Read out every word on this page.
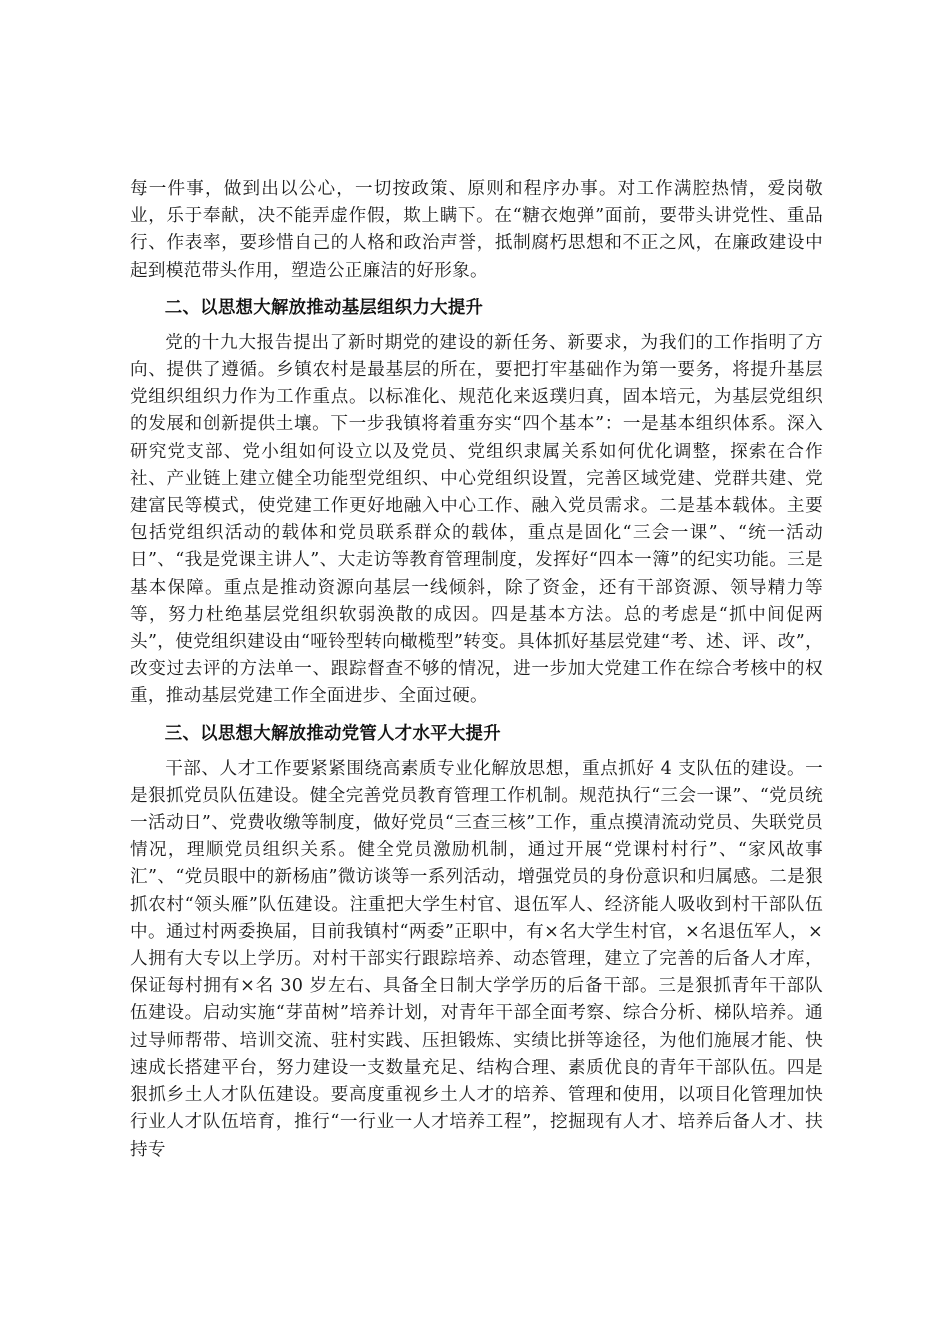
每一件事，做到出以公心，一切按政策、原则和程序办事。对工作满腔热情，爱岗敬业，乐于奉献，决不能弄虚作假，欺上瞒下。在“糖衣炮弹”面前，要带头讲党性、重品行、作表率，要珍惜自己的人格和政治声誉，抵制腐朽思想和不正之风，在廉政建设中起到模范带头作用，塑造公正廉洁的好形象。

二、以思想大解放推动基层组织力大提升

党的十九大报告提出了新时期党的建设的新任务、新要求，为我们的工作指明了方向、提供了遵循。乡镇农村是最基层的所在，要把打牢基础作为第一要务，将提升基层党组织组织力作为工作重点。以标准化、规范化来返璞归真，固本培元，为基层党组织的发展和创新提供土壤。下一步我镇将着重夯实“四个基本”：一是基本组织体系。深入研究党支部、党小组如何设立以及党员、党组织隶属关系如何优化调整，探索在合作社、产业链上建立健全功能型党组织、中心党组织设置，完善区域党建、党群共建、党建富民等模式，使党建工作更好地融入中心工作、融入党员需求。二是基本载体。主要包括党组织活动的载体和党员联系群众的载体，重点是固化“三会一课”、“统一活动日”、“我是党课主讲人”、大走访等教育管理制度，发挥好“四本一簿”的纪实功能。三是基本保障。重点是推动资源向基层一线倾斜，除了资金，还有干部资源、领导精力等等，努力杜绝基层党组织软弱涣散的成因。四是基本方法。总的考虑是“抓中间促两头”，使党组织建设由“哑铃型转向橄榄型”转变。具体抓好基层党建“考、述、评、改”，改变过去评的方法单一、跟踪督查不够的情况，进一步加大党建工作在综合考核中的权重，推动基层党建工作全面进步、全面过硬。

三、以思想大解放推动党管人才水平大提升

干部、人才工作要紧紧围绕高素质专业化解放思想，重点抓好 4 支队伍的建设。一是狠抓党员队伍建设。健全完善党员教育管理工作机制。规范执行“三会一课”、“党员统一活动日”、党费收缴等制度，做好党员“三查三核”工作，重点摸清流动党员、失联党员情况，理顺党员组织关系。健全党员激励机制，通过开展“党课村村行”、“家风故事汇”、“党员眼中的新杨庙”微访谈等一系列活动，增强党员的身份意识和归属感。二是狠抓农村“领头雁”队伍建设。注重把大学生村官、退伍军人、经济能人吸收到村干部队伍中。通过村两委换届，目前我镇村“两委”正职中，有×名大学生村官，×名退伍军人，×人拥有大专以上学历。对村干部实行跟踪培养、动态管理，建立了完善的后备人才库，保证每村拥有×名 30 岁左右、具备全日制大学学历的后备干部。三是狠抓青年干部队伍建设。启动实施“芽苗树”培养计划，对青年干部全面考察、综合分析、梯队培养。通过导师帮带、培训交流、驻村实践、压担锻炼、实绩比拼等途径，为他们施展才能、快速成长搭建平台，努力建设一支数量充足、结构合理、素质优良的青年干部队伍。四是狠抓乡土人才队伍建设。要高度重视乡土人才的培养、管理和使用，以项目化管理加快行业人才队伍培育，推行“一行业一人才培养工程”，挖掘现有人才、培养后备人才、扶持专
